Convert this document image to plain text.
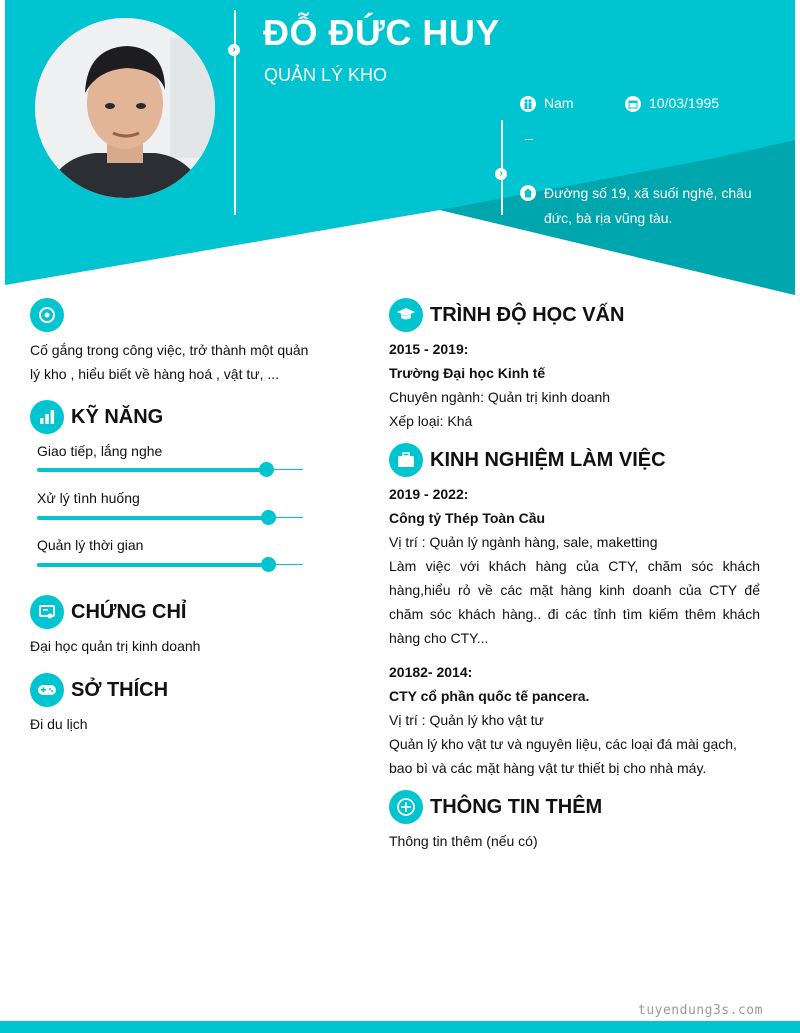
›
›
ĐỖ ĐỨC HUY
QUẢN LÝ KHO
Nam	10/03/1995
–
Đường số 19, xã suối nghệ, châu đức, bà rịa vũng tàu.
Cố gắng trong công việc, trở thành một quản lý kho , hiểu biết về hàng hoá , vật tư, ...
KỸ NĂNG
Giao tiếp, lắng nghe
Xử lý tình huống
Quản lý thời gian
CHỨNG CHỈ
Đại học quản trị kinh doanh
SỞ THÍCH
Đi du lịch
TRÌNH ĐỘ HỌC VẤN
2015 - 2019:
Trường Đại học Kinh tế
Chuyên ngành: Quản trị kinh doanh
Xếp loại: Khá
KINH NGHIỆM LÀM VIỆC
2019 - 2022:
Công tỷ Thép Toàn Cầu
Vị trí : Quản lý ngành hàng, sale, maketting
Làm việc với khách hàng của CTY, chăm sóc khách hàng,hiểu rỏ về các mặt hàng kinh doanh của CTY để chăm sóc khách hàng.. đi các tỉnh tìm kiếm thêm khách hàng cho CTY...
20182- 2014:
CTY cổ phần quốc tế pancera.
Vị trí : Quản lý kho vật tư
Quản lý kho vật tư và nguyên liệu, các loại đá mài gạch, bao bì và các mặt hàng vật tư thiết bị cho nhà máy.
THÔNG TIN THÊM
Thông tin thêm (nếu có)
tuyendung3s.com
